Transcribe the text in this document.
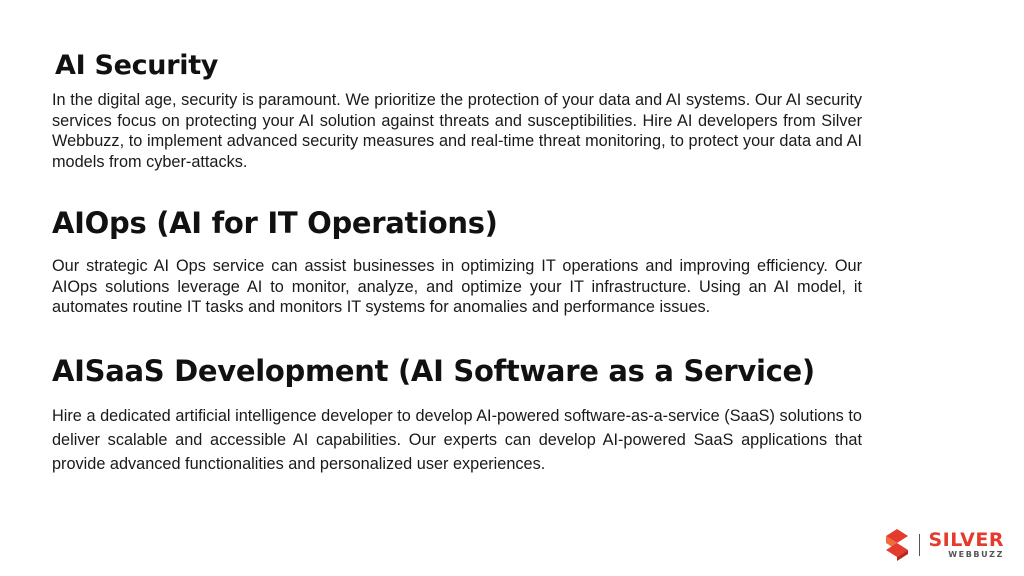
AI Security

In the digital age, security is paramount. We prioritize the protection of your data and AI systems. Our AI security services focus on protecting your AI solution against threats and susceptibilities. Hire AI developers from Silver Webbuzz, to implement advanced security measures and real-time threat monitoring, to protect your data and AI models from cyber-attacks.

AIOps (AI for IT Operations)

Our strategic AI Ops service can assist businesses in optimizing IT operations and improving efficiency. Our AIOps solutions leverage AI to monitor, analyze, and optimize your IT infrastructure. Using an AI model, it automates routine IT tasks and monitors IT systems for anomalies and performance issues.

AISaaS Development (AI Software as a Service)

Hire a dedicated artificial intelligence developer to develop AI-powered software-as-a-service (SaaS) solutions to deliver scalable and accessible AI capabilities. Our experts can develop AI-powered SaaS applications that provide advanced functionalities and personalized user experiences.

SILVER
WEBBUZZ
